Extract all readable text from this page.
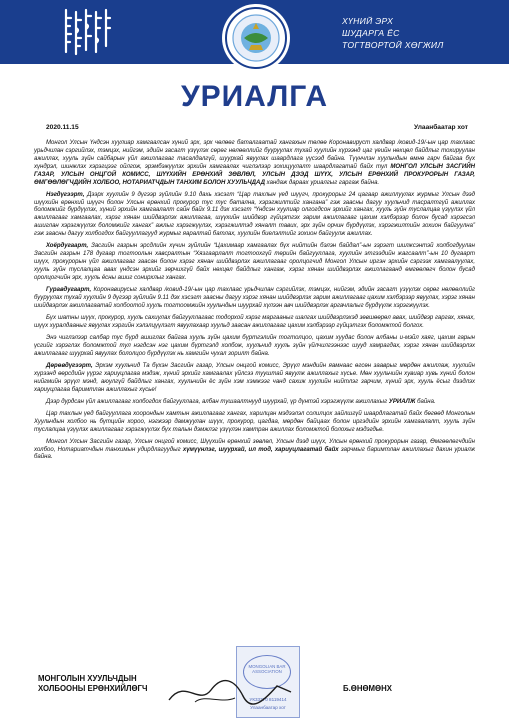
ХҮНИЙ ЭРХ
ШУДАРГА ЁС
ТОГТВОРТОЙ ХӨГЖИЛ
УРИАЛГА
2020.11.15	Улаанбаатар хот

Монгол Улсын Үндсэн хуулиар хамгаалсан хүний эрх, эрх чөлөөг баталгаатай хангахын төлөө Коронавируст халдвар /ковид-19/-ын цар тахлаас урьдчилан сэргийлэх, тэмцэх, нийгэм, эдийн засагт үзүүлэх сөрөг нөлөөллийг бууруулах тухай хуулийн хүрээнд цаг үеийн нөхцөл байдлыг тохируулан ажиллах, хууль зүйн сайбарын үйл ажиллагааг тасалдалгүй, шуурхай явуулах шаардлага үүсээд байна. Түүнчлэн хуульчдын өмнө гарч байгаа бүх хүндрэл, шинжлэх хэрэгцээг ойлгож, эрэмбэжүүлэх эрхийн хамгаалах чиглэлээр зохицуулалт шаардлагатай байх тул МОНГОЛ УЛСЫН ЗАСГИЙН ГАЗАР, УЛСЫН ОНЦГОЙ КОМИСС, ШҮҮХИЙН ЕРӨНХИЙ ЗӨВЛӨЛ, УЛСЫН ДЭЭД ШҮҮХ, УЛСЫН ЕРӨНХИЙ ПРОКУРОРЫН ГАЗАР, ӨМГӨӨЛӨГЧДИЙН ХОЛБОО, НОТАРИАТЧДЫН ТАНХИМ БОЛОН ХУУЛЬЧДАД хандаж дараах уриалгыг гаргаж байна.

Нэгдүгээрт, Дээрх хуулийн 9 дүгээр зүйлийн 9.10 дахь хэсэгт “Цар тахлын үед шүүгч, прокурорыг 24 цагаар ажиллуулах журмыг Улсын дээд шүүхийн ерөнхий шүүгч болон Улсын ерөнхий прокурор тус тус батална, хэрэгжилтийг хангана” гэж заасны дагуу хуульчид тасралтгүй ажиллах боломжийг бүрдүүлэх, хүний эрхийн хамгаалалт сайн байх 9.11 дэх хэсэгт “Үндсэн хуулиар олгогдсон эрхийг хангах, хууль зүйн туслалцаа үзүүлэх үйл ажиллагааг хамгаалах, хэрэг хянан шийдвэрлэх ажиллагаа, шүүхийн шийдвэр гүйцэтгэх зарим ажиллагааг цахим хэлбэрээр болон бусад хэрэгсэл ашиглан хэрэгжүүлэх боломжийг хангах” ажлыг хэрэгжүүлэх, хэрэгжилтэд хяналт тавих, эрх зүйн орчин бүрдүүлэх, хэрэгжилтийн зохион байгуулна” гэж заасны дагуу холбогдох байгууллагууд журмыг яаралтай батлах, хуулийн биелэлтийг зохион байгуулж ажиллах.

Хоёрдугаарт, Засгийн газрын эрсдлийн хүчин зүйлийн “Цахимаар хамгаалах бүх нийтийн бэлэн байдал”-ын зэрэгт шилжсэнтэй холбогдуулан Засгийн газрын 178 дугаар тогтоолын хавсралтын “Хязгаарлалт тогтоохгүй төрийн байгууллага, хуулийн этгээдийн жагсаалт”-ын 10 дугаарт шүүх, прокурорын үйл ажиллагааг заасан болон хэрэг хянан шийдвэрлэх ажиллагааг оролцогчид Монгол Улсын иргэн эрхийн сэргээх хамгаалуулах, хууль зүйн туслалцаа авах үндсэн эрхийг зөрчихгүй байх нөхцөл байдлыг хангаж, хэрэг хянан шийдвэрлэх ажиллагаанд өмгөөлөгч болон бусад оролцогчийн эрх, хууль ёсны ашиг сонирхлыг хангах.

Гуравдугаарт, Коронавирусыг халдвар /ковид-19/-ын цар тахлаас урьдчилан сэргийлэх, тэмцэх, нийгэм, эдийн засагт үзүүлэх сөрөг нөлөөллийг бууруулах тухай хуулийн 9 дүгээр зүйлийн 9.11 дэх хэсэгт заасны дагуу хэрэг хянан шийдвэрлэх зарим ажиллагааг цахим хэлбэрээр явуулах, хэрэг хянан шийдвэрлэх ажиллагаатай холбоотой хууль тогтоомжийн хуульчдын шуурхай хүлээн авч шийдвэрлэх аргачлалыг бүрдүүлж хэрэгжүүлэх.

Бүх шатны шүүх, прокурор, хууль сахиулах байгууллагаас тодорхой хэрэг маргааныг шалгах шийдвэрлэхэд зөвшөөрөл авах, шийдвэр гаргах, хянах, шүүх хуралдааныг явуулах хэргийн хэлэлцүүлэгт явуулахаар хуульд заасан ажиллагааг цахим хэлбэрээр гүйцэтгэх боломжтой болгох.

Энэ чиглэлээр салбар тус бүрд ашиглах байгаа хууль зүйн цахим бүртгэлийн тогтолцоо, цахим хуудас болон албаны и-мэйл хаяг, цахим гарын үсгийг хэрэглэх боломжтой тул нэгдсэн нэг цахим бүртгэлд холбож, хуульчид хууль зүйн үйлчилгээнээс шууд хамрагдах, хэрэг хянан шийдвэрлэх ажиллагааг шуурхай явуулах бололцоо бүрдүүлэх нь хамгийн чухал зорилт байна.

Дөрөвдүгээрт, Эрхэм хуульчид Та бүхэн Засгийн газар, Улсын онцгой комисс, Эрүүл мэндийн яамнаас өгсөн зааврыг мөрдөн ажиллаж, хуулийн хүрээнд өөрсдийн үүрэг хариуцлагаа мэдэж, хүний эрхийг хамгаалах үйлсээ тууштай явуулж ажиллахыг хүсье. Мөн хуульчийн хувиар хувь хүний болон нийгмийн эрүүл мэнд, аюулгүй байдлыг хангах, хуульчийн ёс зүйн хэм хэмжээг чанд сахиж хуулийн нийтлэг зарчим, хүний эрх, хууль ёсыг дээдлэх хариуцлагаа баримтлан ажиллахыг хүсье!

Дээр дурдсан үйл ажиллагааг холбогдох байгууллага, албан тушаалтнууд шуурхай, үр дүнтэй хэрэгжүүлж ажиллахыг УРИАЛЖ байна.

Цар тахлын үед байгууллага хоорондын хамтын ажиллагааг хангах, харилцан мэдээлэл солилцох зайлшгүй шаардлагатай байх бөгөөд Монголын Хуульчдын холбоо нь бүтцийн хороо, нэгжээр дамжуулан шүүх, прокурор, цагдаа, мөрдөн байцаах болон иргэдийн эрхийн хамгаалалт, хууль зүйн туслалцаа үзүүлэх ажиллагааг хэрэгжүүлэх бүх талын дэмжлэг үзүүлэн хамтран ажиллах боломжтой болохыг мэдэгдье.

Монгол Улсын Засгийн газар, Улсын онцгой комисс, Шүүхийн ерөнхий зөвлөл, Улсын дээд шүүх, Улсын ерөнхий прокурорын газар, Өмгөөлөгчдийн холбоо, Нотариатчдын танхимын удирдлагуудыг хүмүүнлэг, шуурхай, ил тод, хариуцлагатай байх зарчмыг баримтлан ажиллахыг дахин уриалж байна.

MONGOLIAN BAR ASSOCIATION
УК33370 8119414
Улаанбаатар хот
МОНГОЛЫН ХУУЛЬЧДЫН
ХОЛБООНЫ ЕРӨНХИЙЛӨГЧ	Б.ӨНӨМӨНХ
